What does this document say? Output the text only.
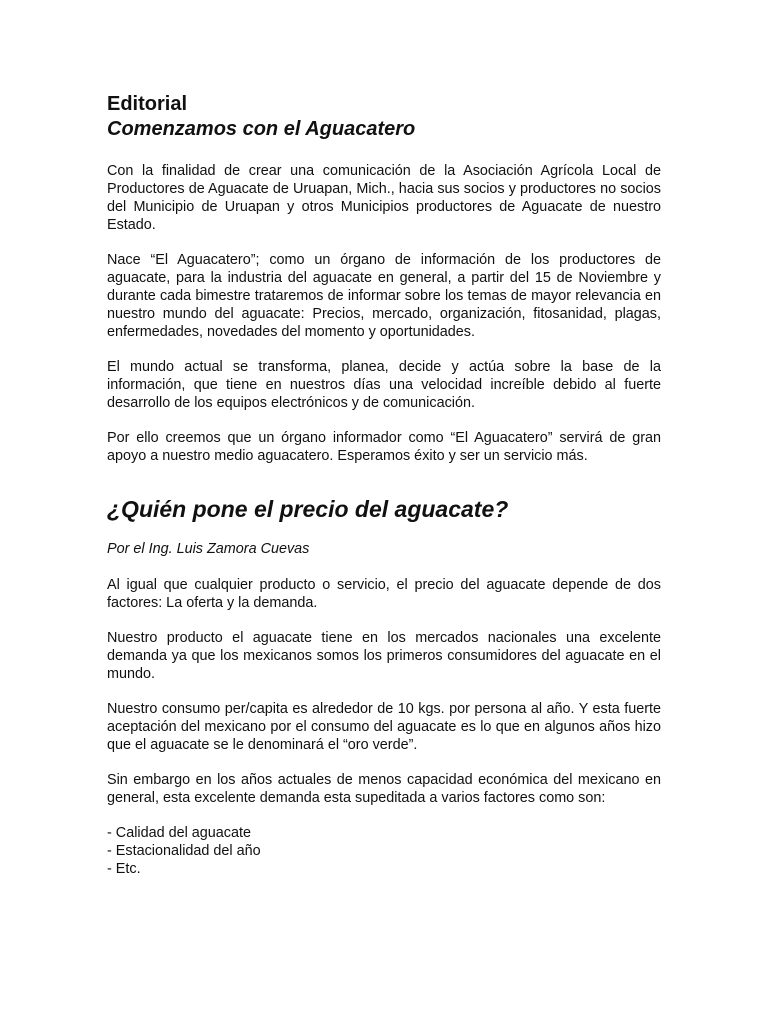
Editorial
Comenzamos con el Aguacatero

Con la finalidad de crear una comunicación de la Asociación Agrícola Local de Productores de Aguacate de Uruapan, Mich., hacia sus socios y productores no socios del Municipio de Uruapan y otros Municipios productores de Aguacate de nuestro Estado.

Nace “El Aguacatero”; como un órgano de información de los productores de aguacate, para la industria del aguacate en general, a partir del 15 de Noviembre y durante cada bimestre trataremos de informar sobre los temas de mayor relevancia en nuestro mundo del aguacate: Precios, mercado, organización, fitosanidad, plagas, enfermedades, novedades del momento y oportunidades.

El mundo actual se transforma, planea, decide y actúa sobre la base de la información, que tiene en nuestros días una velocidad increíble debido al fuerte desarrollo de los equipos electrónicos y de comunicación.

Por ello creemos que un órgano informador como “El Aguacatero” servirá de gran apoyo a nuestro medio aguacatero. Esperamos éxito y ser un servicio más.

¿Quién pone el precio del aguacate?

Por el Ing. Luis Zamora Cuevas

Al igual que cualquier producto o servicio, el precio del aguacate depende de dos factores: La oferta y la demanda.

Nuestro producto el aguacate tiene en los mercados nacionales una excelente demanda ya que los mexicanos somos los primeros consumidores del aguacate en el mundo.

Nuestro consumo per/capita es alrededor de 10 kgs. por persona al año. Y esta fuerte aceptación del mexicano por el consumo del aguacate es lo que en algunos años hizo que el aguacate se le denominará el “oro verde”.

Sin embargo en los años actuales de menos capacidad económica del mexicano en general, esta excelente demanda esta supeditada a varios factores como son:

- Calidad del aguacate
- Estacionalidad del año
- Etc.
